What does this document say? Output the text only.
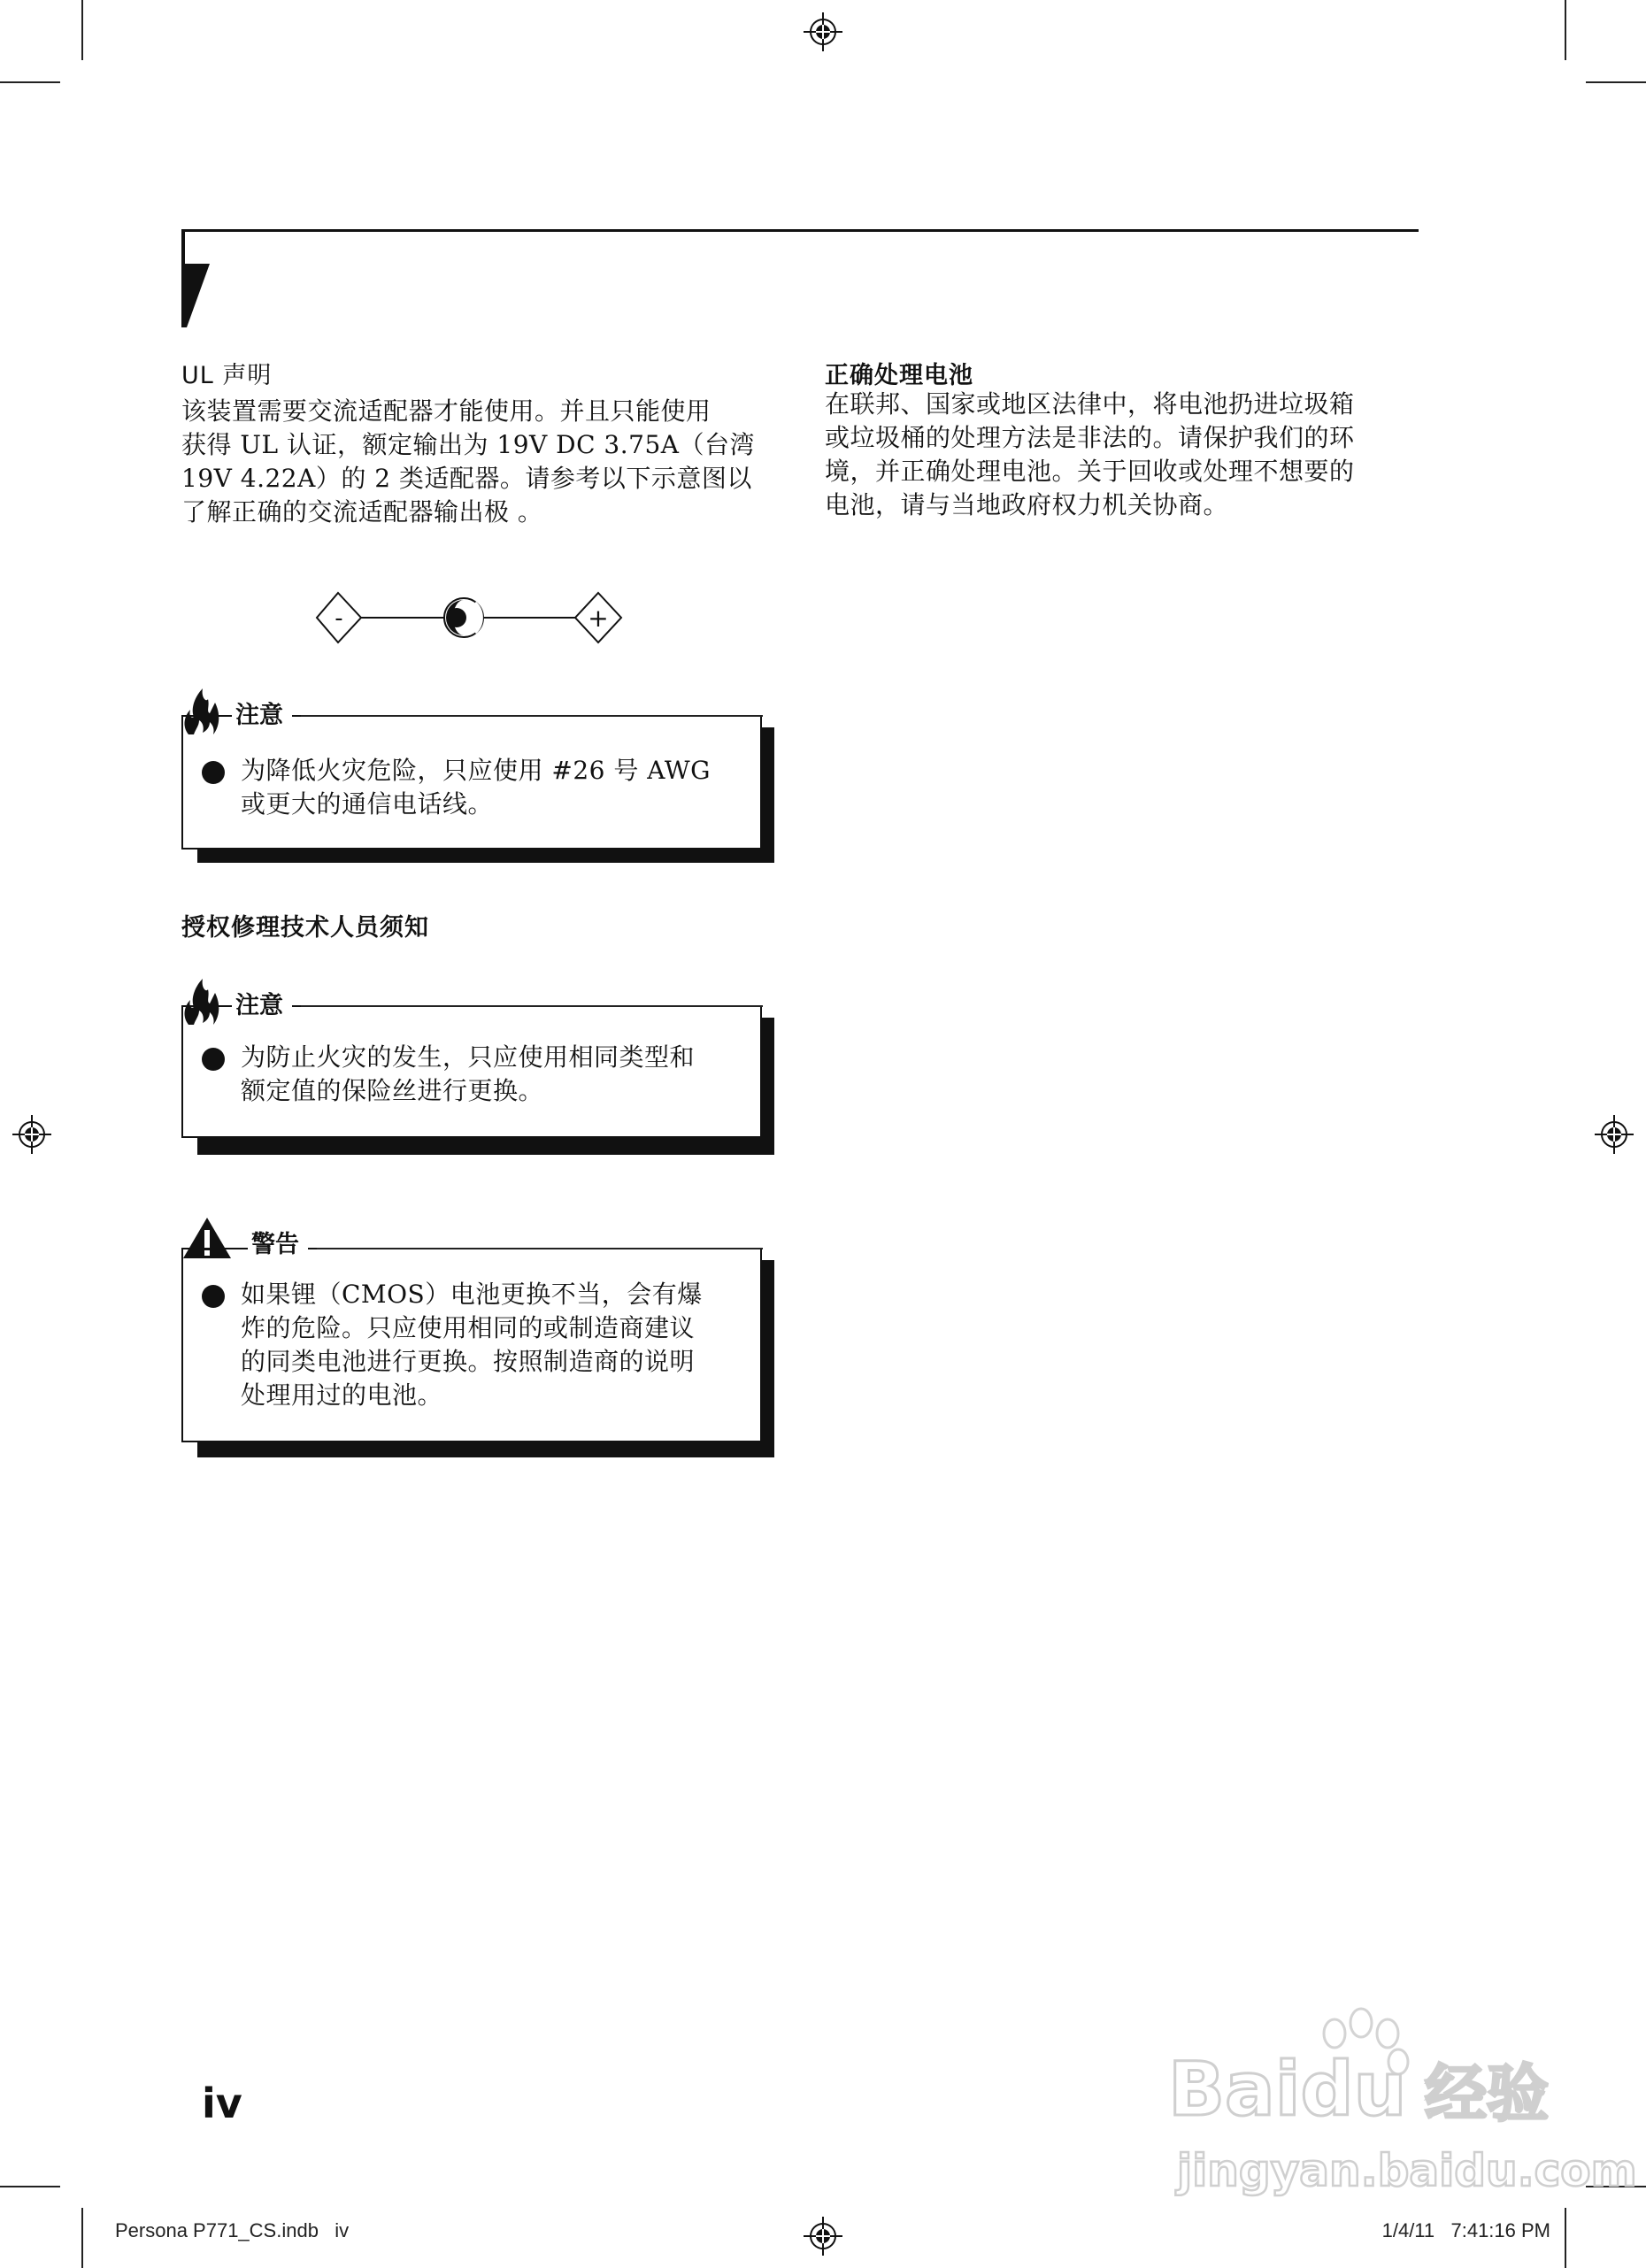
UL 声明
该装置需要交流适配器才能使用。并且只能使用
获得 UL 认证，额定输出为 19V DC 3.75A（台湾
19V 4.22A）的 2 类适配器。请参考以下示意图以
了解正确的交流适配器输出极 。
-	+
注意
为降低火灾危险，只应使用 #26 号 AWG
或更大的通信电话线。
授权修理技术人员须知
注意
为防止火灾的发生，只应使用相同类型和
额定值的保险丝进行更换。
警告
如果锂（CMOS）电池更换不当，会有爆
炸的危险。只应使用相同的或制造商建议
的同类电池进行更换。按照制造商的说明
处理用过的电池。
正确处理电池
在联邦、国家或地区法律中，将电池扔进垃圾箱
或垃圾桶的处理方法是非法的。请保护我们的环
境，并正确处理电池。关于回收或处理不想要的
电池，请与当地政府权力机关协商。
iv	Baidu 经验
jingyan.baidu.com
Persona P771_CS.indb   iv	1/4/11   7:41:16 PM
